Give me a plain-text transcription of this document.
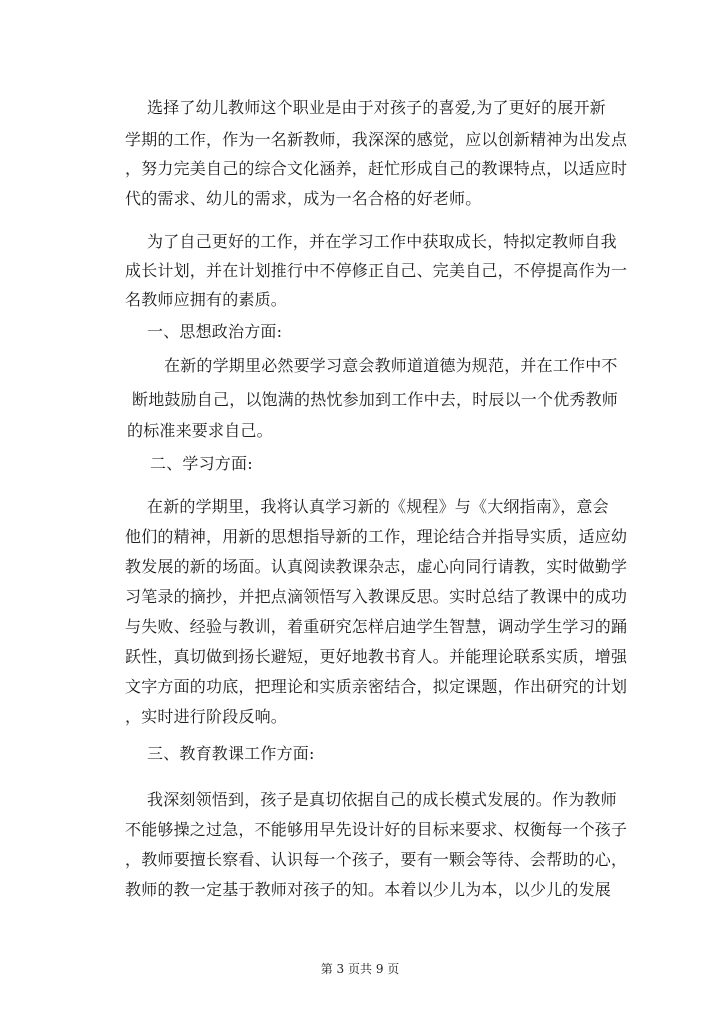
选择了幼儿教师这个职业是由于对孩子的喜爱,为了更好的展开新
学期的工作，作为一名新教师，我深深的感觉，应以创新精神为出发点
，努力完美自己的综合文化涵养，赶忙形成自己的教课特点，以适应时
代的需求、幼儿的需求，成为一名合格的好老师。
为了自己更好的工作，并在学习工作中获取成长，特拟定教师自我
成长计划，并在计划推行中不停修正自己、完美自己，不停提高作为一
名教师应拥有的素质。
一、思想政治方面:
在新的学期里必然要学习意会教师道道德为规范，并在工作中不
断地鼓励自己，以饱满的热忱参加到工作中去，时辰以一个优秀教师
的标准来要求自己。
二、学习方面:
在新的学期里，我将认真学习新的《规程》与《大纲指南》，意会
他们的精神，用新的思想指导新的工作，理论结合并指导实质，适应幼
教发展的新的场面。认真阅读教课杂志，虚心向同行请教，实时做勤学
习笔录的摘抄，并把点滴领悟写入教课反思。实时总结了教课中的成功
与失败、经验与教训，着重研究怎样启迪学生智慧，调动学生学习的踊
跃性，真切做到扬长避短，更好地教书育人。并能理论联系实质，增强
文字方面的功底，把理论和实质亲密结合，拟定课题，作出研究的计划
，实时进行阶段反响。
三、教育教课工作方面:
我深刻领悟到，孩子是真切依据自己的成长模式发展的。作为教师
不能够操之过急，不能够用早先设计好的目标来要求、权衡每一个孩子
，教师要擅长察看、认识每一个孩子，要有一颗会等待、会帮助的心，
教师的教一定基于教师对孩子的知。本着以少儿为本，以少儿的发展
第 3 页共 9 页
